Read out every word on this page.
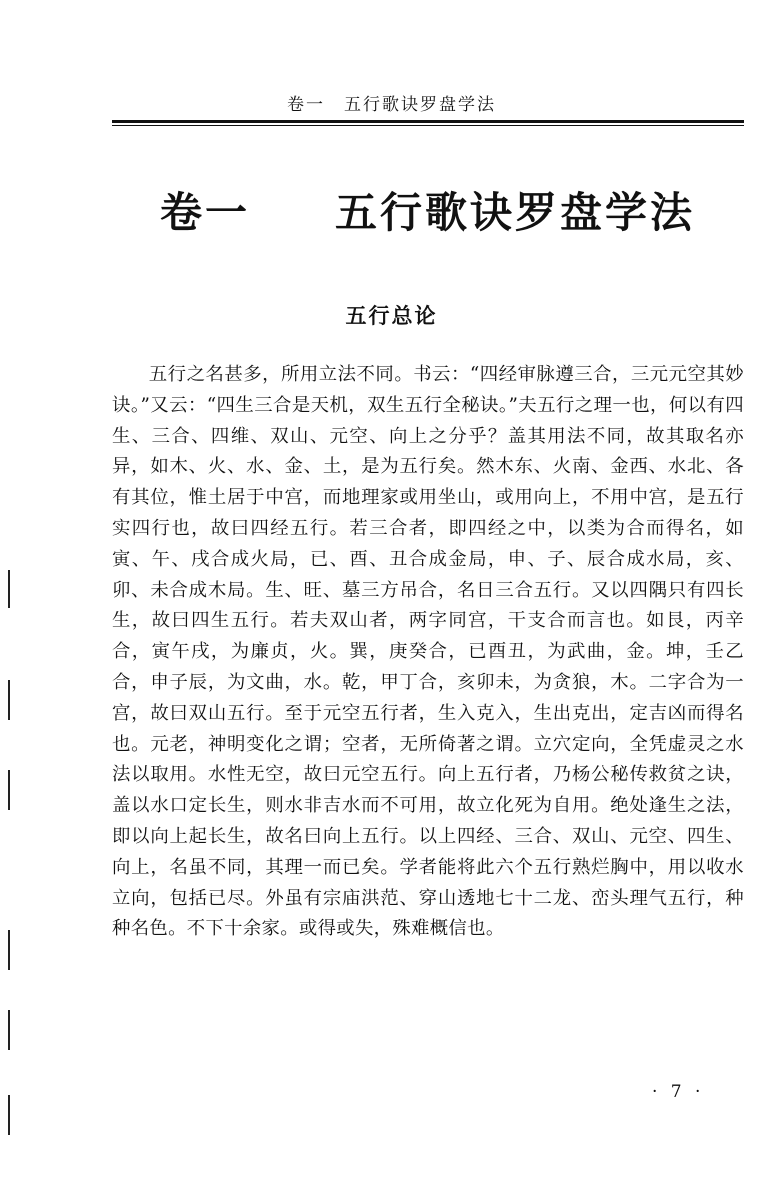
卷一　五行歌诀罗盘学法
卷一 五行歌诀罗盘学法
五行总论

五行之名甚多，所用立法不同。书云：“四经审脉遵三合，三元元空其妙诀。”又云：“四生三合是天机，双生五行全秘诀。”夫五行之理一也，何以有四生、三合、四维、双山、元空、向上之分乎？盖其用法不同，故其取名亦异，如木、火、水、金、土，是为五行矣。然木东、火南、金西、水北、各有其位，惟土居于中宫，而地理家或用坐山，或用向上，不用中宫，是五行实四行也，故曰四经五行。若三合者，即四经之中，以类为合而得名，如寅、午、戌合成火局，已、酉、丑合成金局，申、子、辰合成水局，亥、卯、未合成木局。生、旺、墓三方吊合，名日三合五行。又以四隅只有四长生，故曰四生五行。若夫双山者，两字同宫，干支合而言也。如艮，丙辛合，寅午戌，为廉贞，火。巽，庚癸合，已酉丑，为武曲，金。坤，壬乙合，申子辰，为文曲，水。乾，甲丁合，亥卯未，为贪狼，木。二字合为一宫，故曰双山五行。至于元空五行者，生入克入，生出克出，定吉凶而得名也。元老，神明变化之谓；空者，无所倚著之谓。立穴定向，全凭虚灵之水法以取用。水性无空，故曰元空五行。向上五行者，乃杨公秘传救贫之诀，盖以水口定长生，则水非吉水而不可用，故立化死为自用。绝处逢生之法，即以向上起长生，故名曰向上五行。以上四经、三合、双山、元空、四生、向上，名虽不同，其理一而已矣。学者能将此六个五行熟烂胸中，用以收水立向，包括已尽。外虽有宗庙洪范、穿山透地七十二龙、峦头理气五行，种种名色。不下十余家。或得或失，殊难概信也。

· 7 ·
